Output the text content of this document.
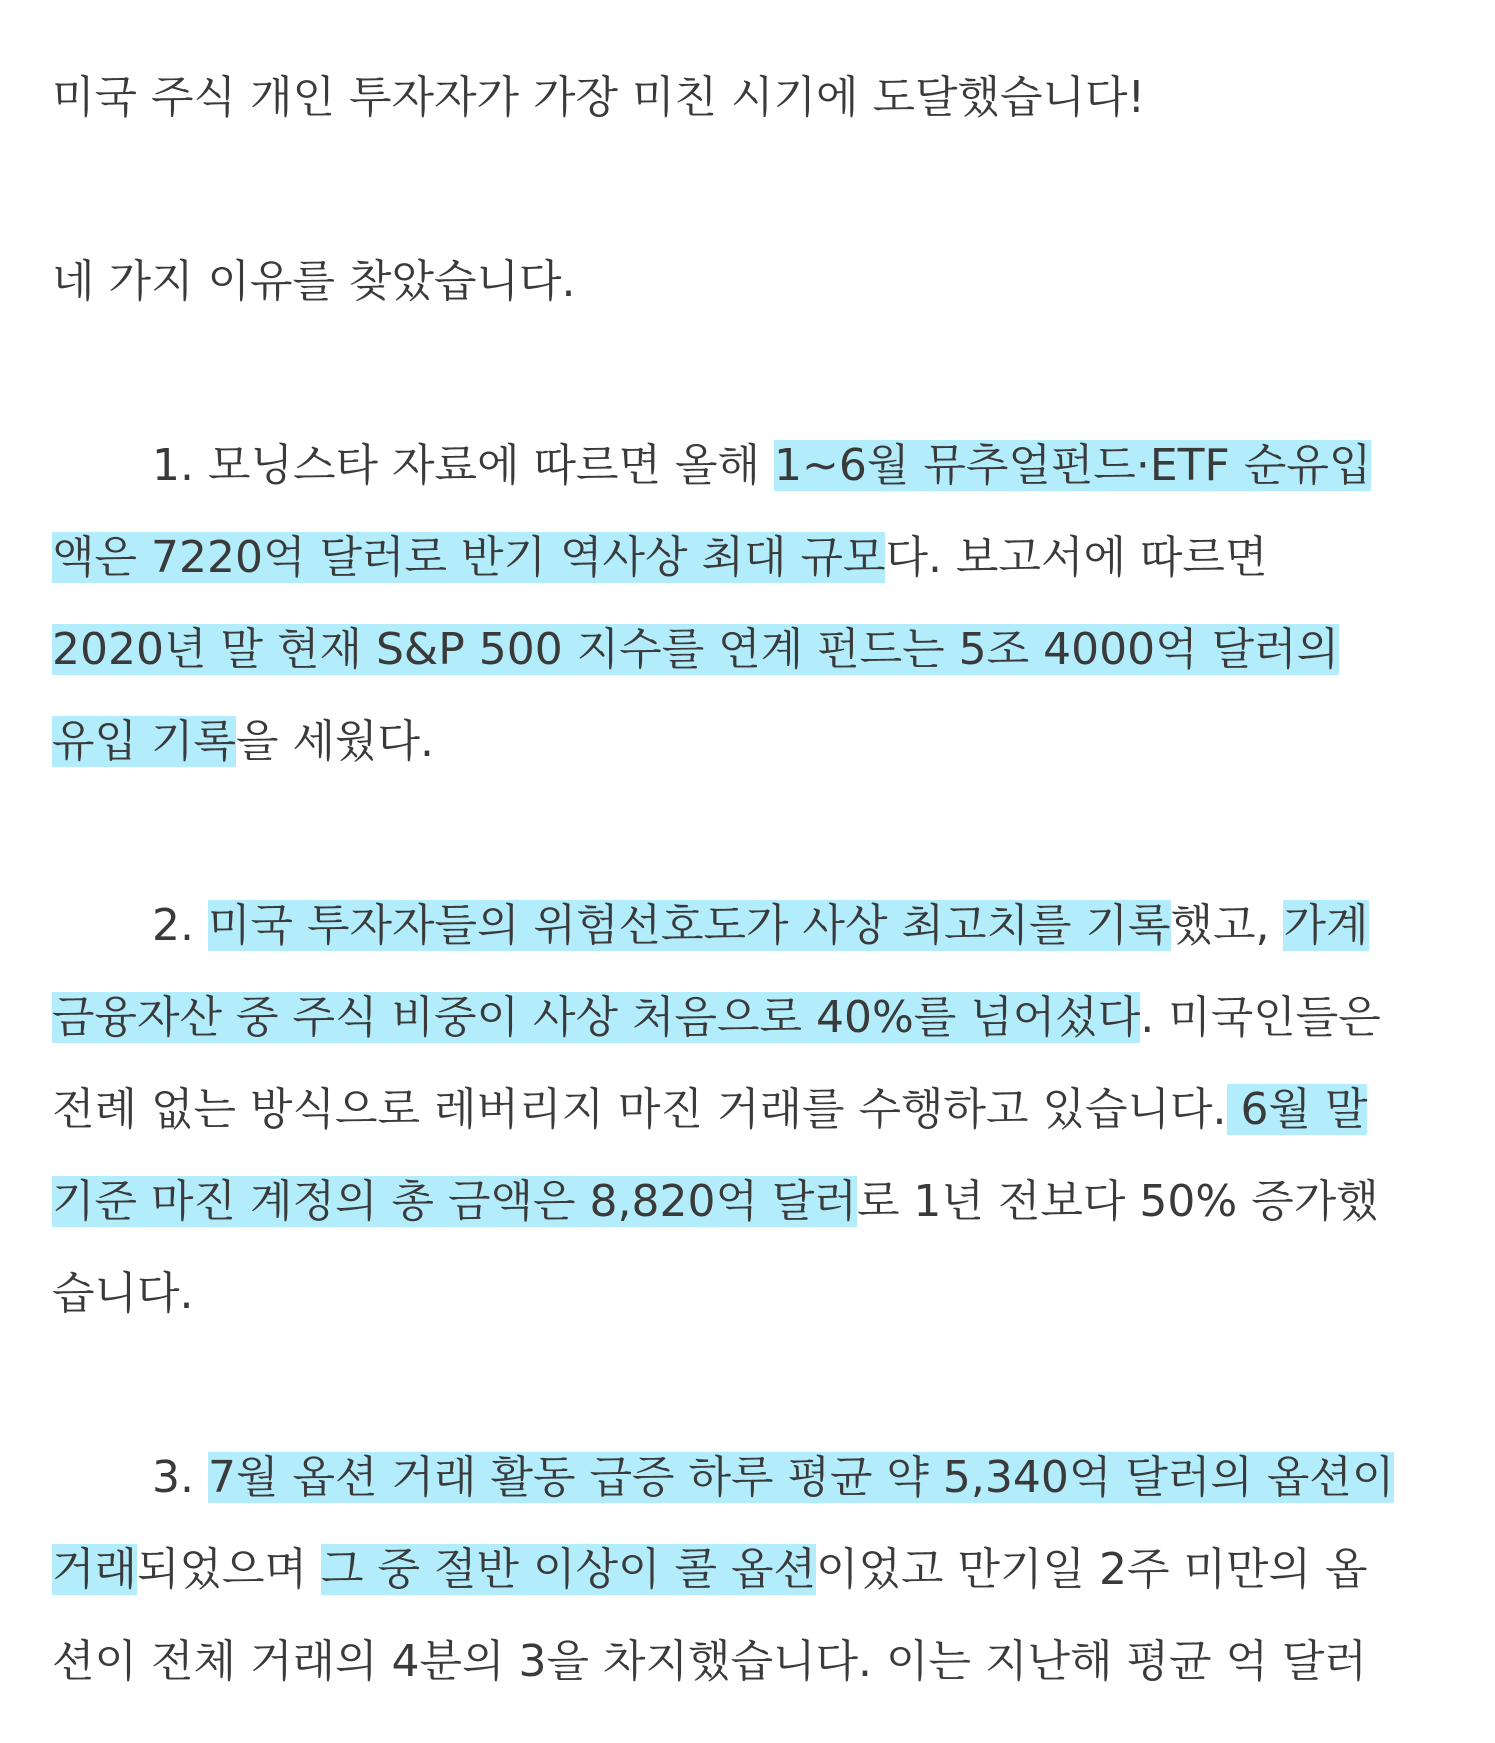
미국 주식 개인 투자자가 가장 미친 시기에 도달했습니다!

네 가지 이유를 찾았습니다.

1. 모닝스타 자료에 따르면 올해 1~6월 뮤추얼펀드·ETF 순유입

액은 7220억 달러로 반기 역사상 최대 규모다. 보고서에 따르면

2020년 말 현재 S&P 500 지수를 연계 펀드는 5조 4000억 달러의

유입 기록을 세웠다.

2. 미국 투자자들의 위험선호도가 사상 최고치를 기록했고, 가계

금융자산 중 주식 비중이 사상 처음으로 40%를 넘어섰다. 미국인들은

전례 없는 방식으로 레버리지 마진 거래를 수행하고 있습니다. 6월 말

기준 마진 계정의 총 금액은 8,820억 달러로 1년 전보다 50% 증가했

습니다.

3. 7월 옵션 거래 활동 급증 하루 평균 약 5,340억 달러의 옵션이

거래되었으며 그 중 절반 이상이 콜 옵션이었고 만기일 2주 미만의 옵

션이 전체 거래의 4분의 3을 차지했습니다. 이는 지난해 평균 억 달러
